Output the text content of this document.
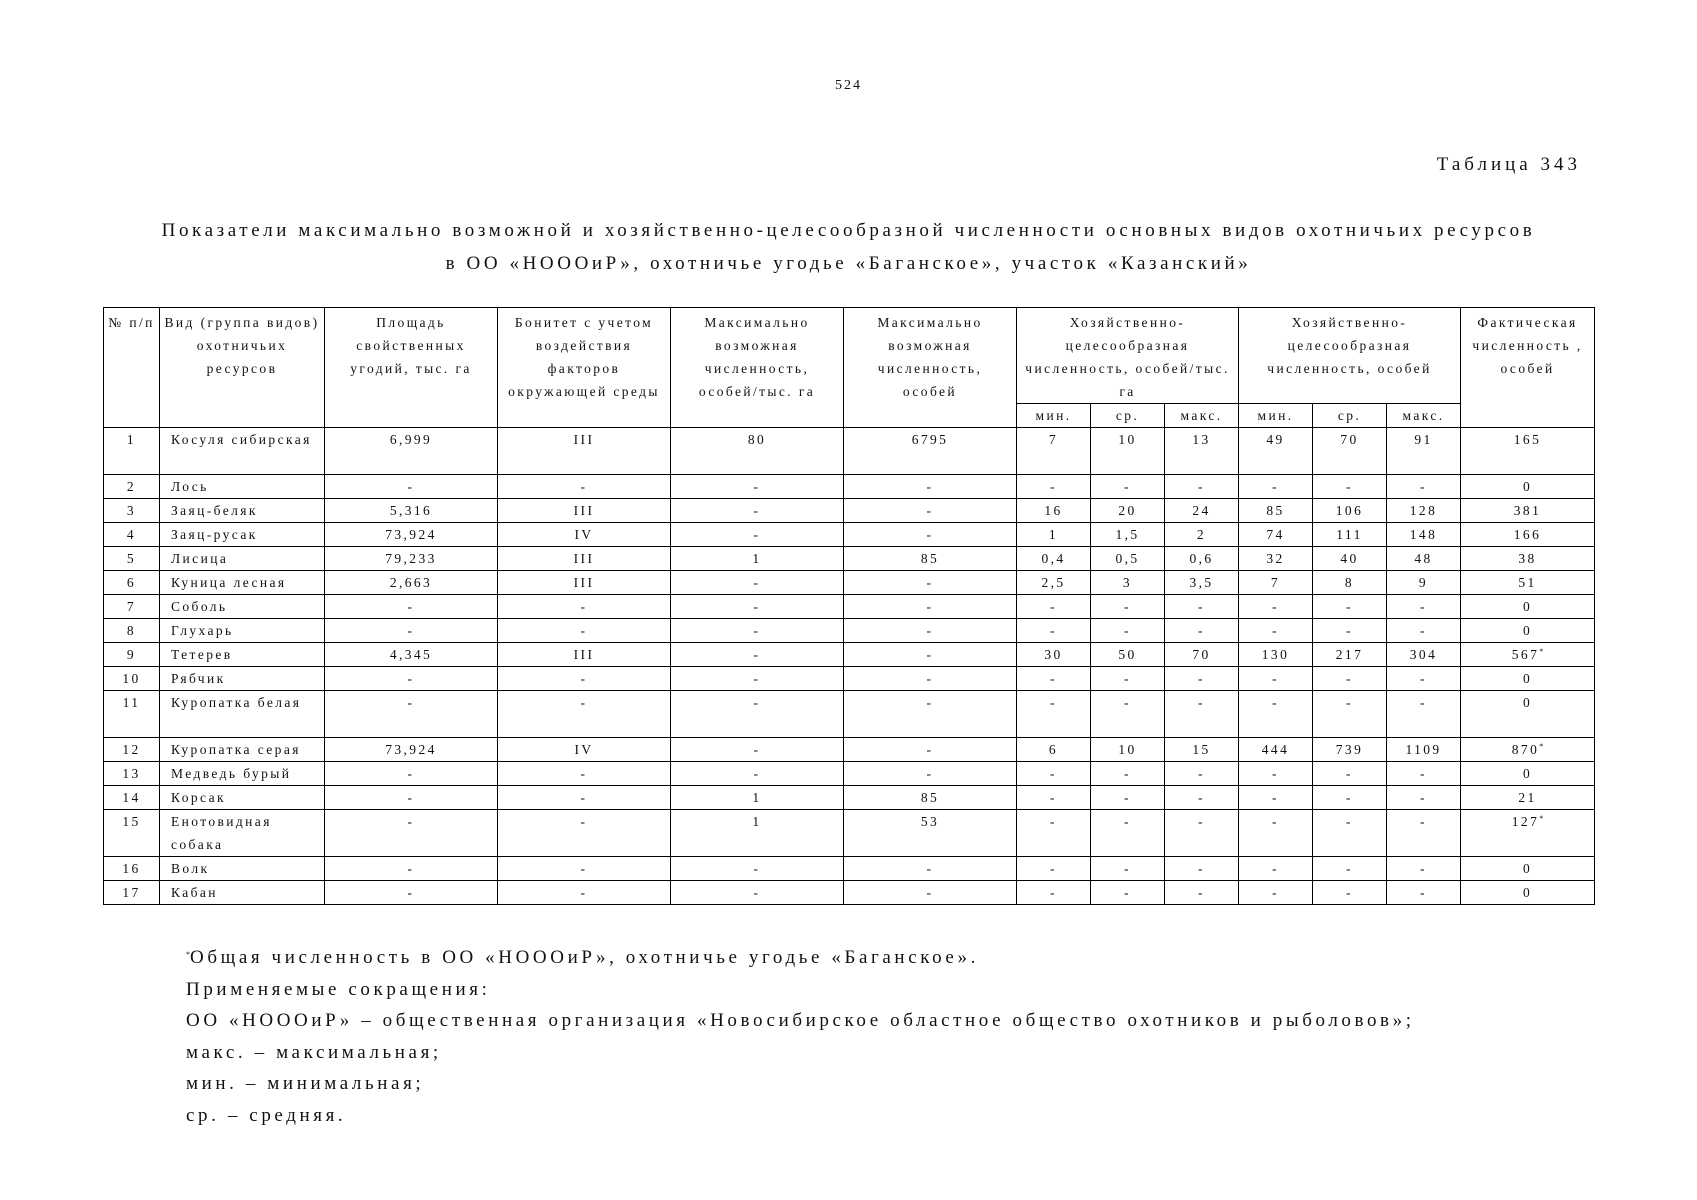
524
Таблица 343
Показатели максимально возможной и хозяйственно-целесообразной численности основных видов охотничьих ресурсов
в ОО «НОООиР», охотничье угодье «Баганское», участок «Казанский»
№ п/п	Вид (группа видов) охотничьих ресурсов	Площадь свойственных угодий, тыс. га	Бонитет с учетом воздействия факторов окружающей среды	Максимально возможная численность, особей/тыс. га	Максимально возможная численность, особей	Хозяйственно-целесообразная численность, особей/тыс. га			Хозяйственно-целесообразная численность, особей			Фактическая численность , особей
						мин.	ср.	макс.	мин.	ср.	макс.	
1	Косуля сибирская	6,999	III	80	6795	7	10	13	49	70	91	165
2	Лось	-	-	-	-	-	-	-	-	-	-	0
3	Заяц-беляк	5,316	III	-	-	16	20	24	85	106	128	381
4	Заяц-русак	73,924	IV	-	-	1	1,5	2	74	111	148	166
5	Лисица	79,233	III	1	85	0,4	0,5	0,6	32	40	48	38
6	Куница лесная	2,663	III	-	-	2,5	3	3,5	7	8	9	51
7	Соболь	-	-	-	-	-	-	-	-	-	-	0
8	Глухарь	-	-	-	-	-	-	-	-	-	-	0
9	Тетерев	4,345	III	-	-	30	50	70	130	217	304	567*
10	Рябчик	-	-	-	-	-	-	-	-	-	-	0
11	Куропатка белая	-	-	-	-	-	-	-	-	-	-	0
12	Куропатка серая	73,924	IV	-	-	6	10	15	444	739	1109	870*
13	Медведь бурый	-	-	-	-	-	-	-	-	-	-	0
14	Корсак	-	-	1	85	-	-	-	-	-	-	21
15	Енотовидная собака	-	-	1	53	-	-	-	-	-	-	127*
16	Волк	-	-	-	-	-	-	-	-	-	-	0
17	Кабан	-	-	-	-	-	-	-	-	-	-	0
*Общая численность в ОО «НОООиР», охотничье угодье «Баганское».
Применяемые сокращения:
ОО «НОООиР» – общественная организация «Новосибирское областное общество охотников и рыболовов»;
макс. – максимальная;
мин. – минимальная;
ср. – средняя.
